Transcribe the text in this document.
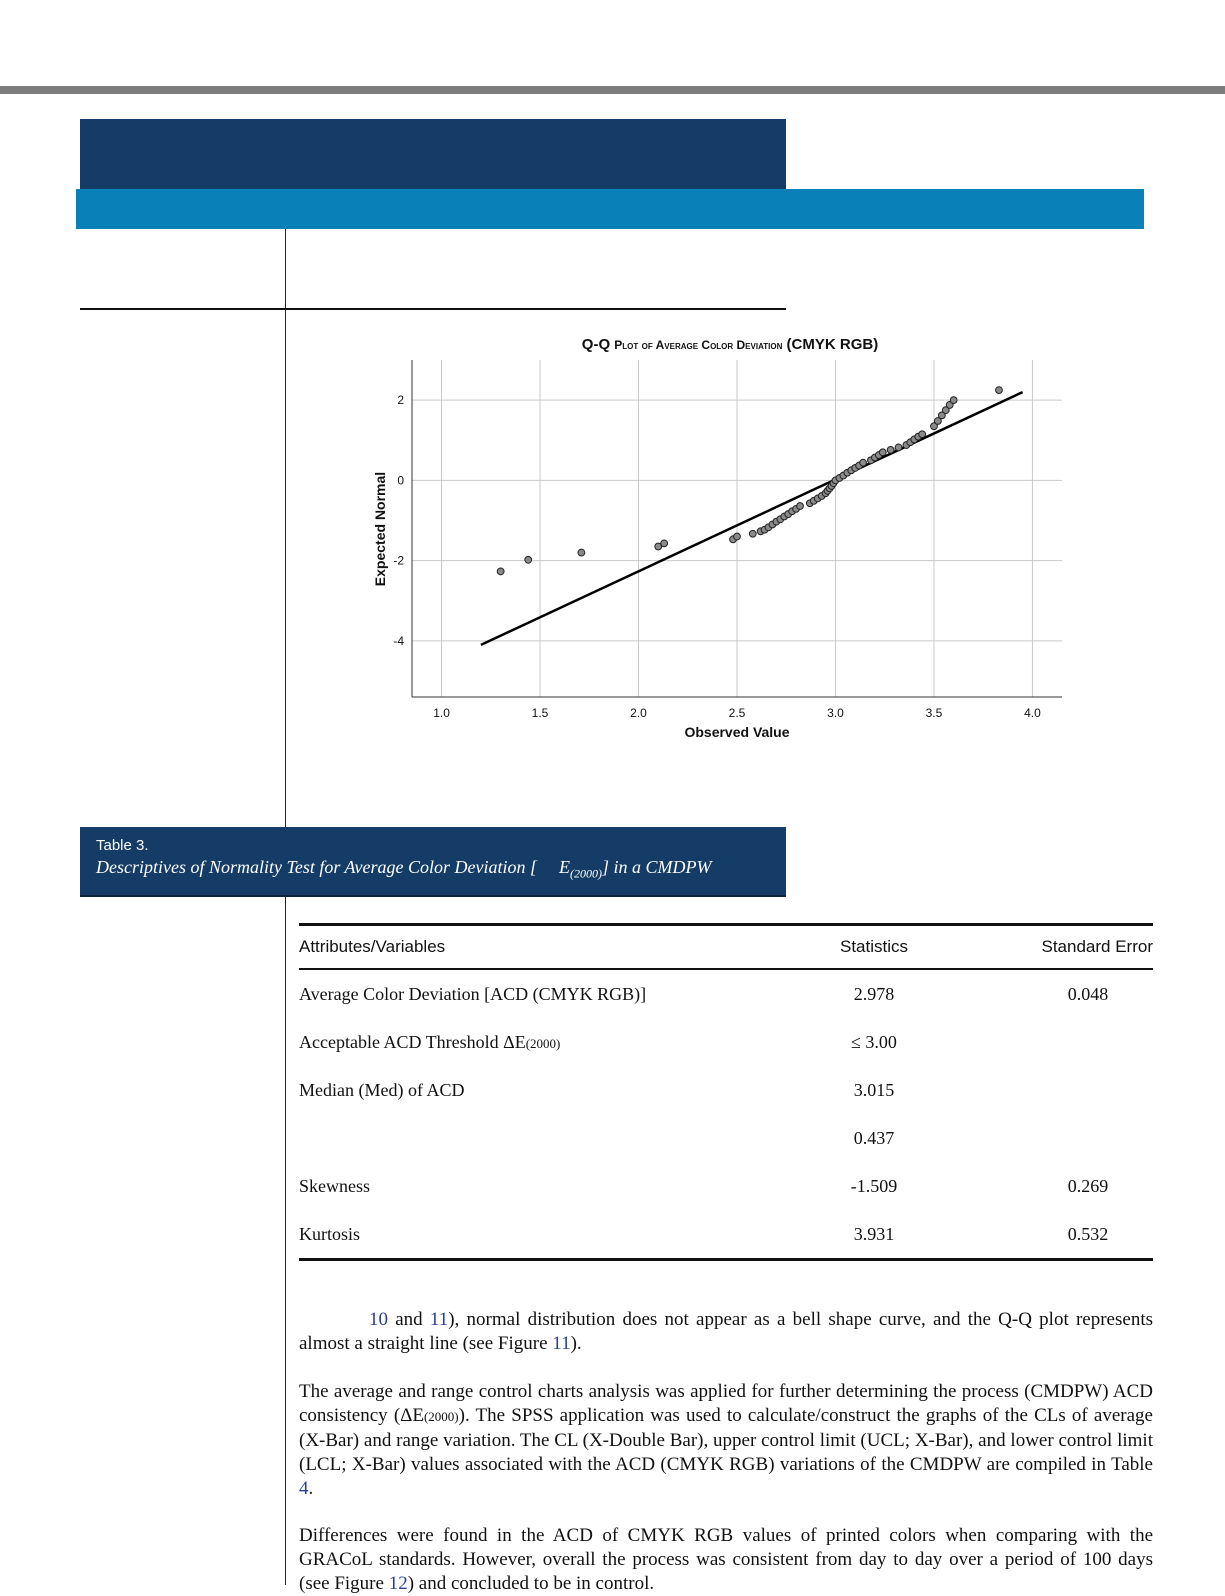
Q-Q Plot of Average Color Deviation (CMYK RGB)
1.0	1.5	2.0	2.5	3.0	3.5	4.0
2
0
-2
-4
Observed Value
Expected Normal
Table 3.
Descriptives of Normality Test for Average Color Deviation [ $E_{(2000)}$] in a CMDPW
Attributes/Variables	Statistics	Standard Error
Average Color Deviation [ACD (CMYK RGB)]	2.978	0.048
Acceptable ACD Threshold ΔE(2000)	≤ 3.00	
Median (Med) of ACD	3.015	
	0.437	
Skewness	-1.509	0.269
Kurtosis	3.931	0.532

10 and 11), normal distribution does not appear as a bell shape curve, and the Q-Q plot represents almost a straight line (see Figure 11).

The average and range control charts analysis was applied for further determining the process (CMDPW) ACD consistency (ΔE(2000)). The SPSS application was used to calculate/construct the graphs of the CLs of average (X-Bar) and range variation. The CL (X-Double Bar), upper control limit (UCL; X-Bar), and lower control limit (LCL; X-Bar) values associated with the ACD (CMYK RGB) variations of the CMDPW are compiled in Table 4.

Differences were found in the ACD of CMYK RGB values of printed colors when comparing with the GRACoL standards. However, overall the process was consistent from day to day over a period of 100 days (see Figure 12) and concluded to be in control.
